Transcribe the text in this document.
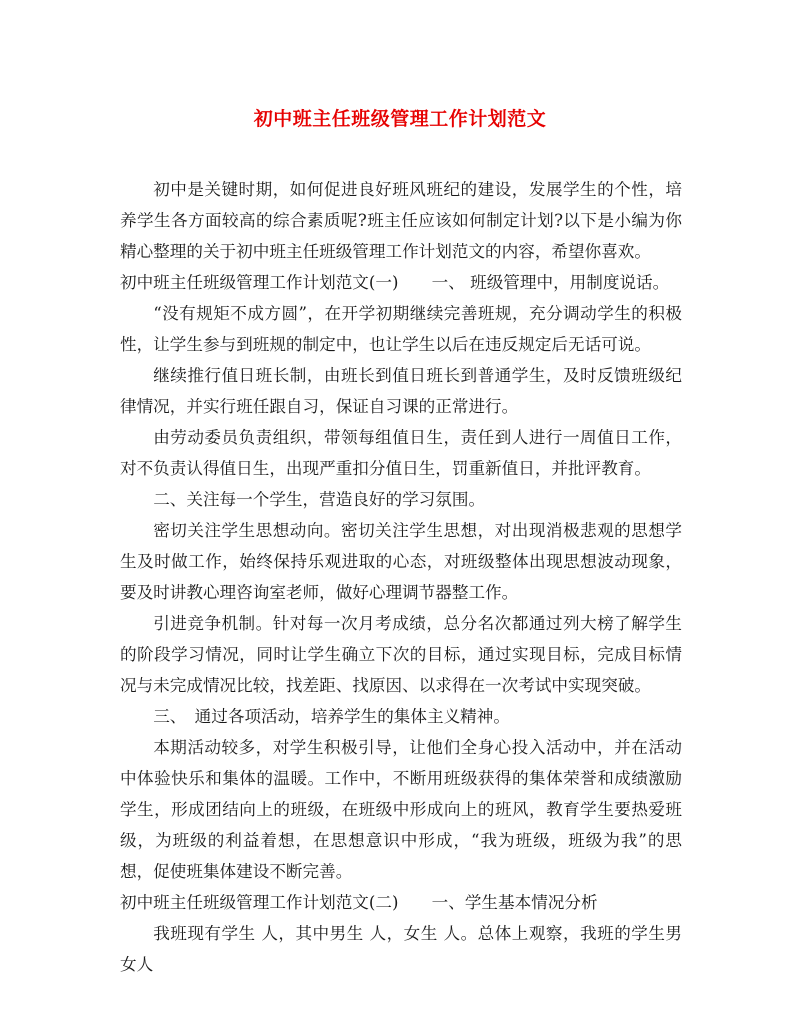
初中班主任班级管理工作计划范文

初中是关键时期，如何促进良好班风班纪的建设，发展学生的个性，培养学生各方面较高的综合素质呢?班主任应该如何制定计划?以下是小编为你精心整理的关于初中班主任班级管理工作计划范文的内容，希望你喜欢。

初中班主任班级管理工作计划范文(一)　　一、 班级管理中，用制度说话。

“没有规矩不成方圆”，在开学初期继续完善班规，充分调动学生的积极性，让学生参与到班规的制定中，也让学生以后在违反规定后无话可说。

继续推行值日班长制，由班长到值日班长到普通学生，及时反馈班级纪律情况，并实行班任跟自习，保证自习课的正常进行。

由劳动委员负责组织，带领每组值日生，责任到人进行一周值日工作，对不负责认得值日生，出现严重扣分值日生，罚重新值日，并批评教育。

二、关注每一个学生，营造良好的学习氛围。

密切关注学生思想动向。密切关注学生思想，对出现消极悲观的思想学生及时做工作，始终保持乐观进取的心态，对班级整体出现思想波动现象，要及时讲教心理咨询室老师，做好心理调节器整工作。

引进竞争机制。针对每一次月考成绩，总分名次都通过列大榜了解学生的阶段学习情况，同时让学生确立下次的目标，通过实现目标，完成目标情况与未完成情况比较，找差距、找原因、以求得在一次考试中实现突破。

三、　通过各项活动，培养学生的集体主义精神。

本期活动较多，对学生积极引导，让他们全身心投入活动中，并在活动中体验快乐和集体的温暖。工作中，不断用班级获得的集体荣誉和成绩激励学生，形成团结向上的班级，在班级中形成向上的班风，教育学生要热爱班级，为班级的利益着想，在思想意识中形成，“我为班级，班级为我”的思想，促使班集体建设不断完善。

初中班主任班级管理工作计划范文(二)　　一、学生基本情况分析

我班现有学生 人，其中男生 人，女生 人。总体上观察，我班的学生男女人
